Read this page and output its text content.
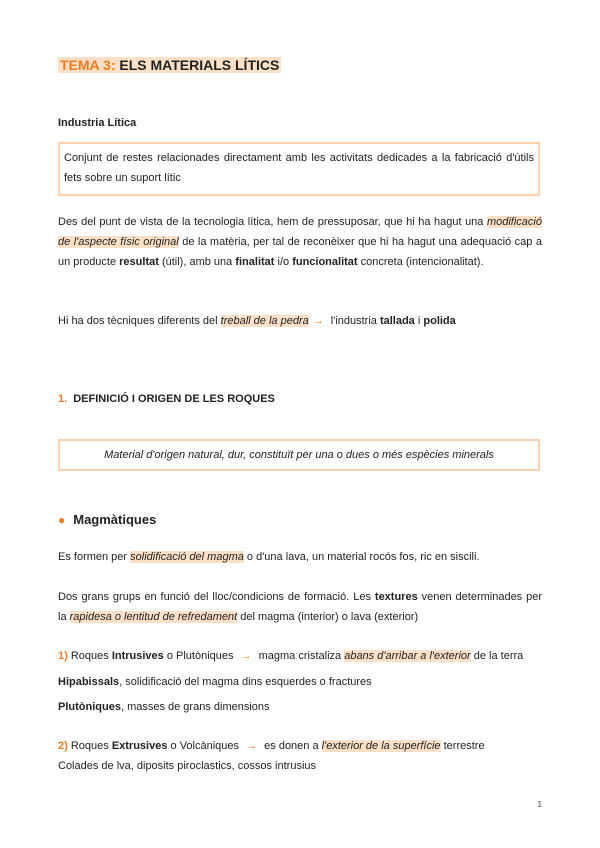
TEMA 3: ELS MATERIALS LÍTICS
Industria Lítica
Conjunt de restes relacionades directament amb les activitats dedicades a la fabricació d'útils fets sobre un suport lític
Des del punt de vista de la tecnologia lítica, hem de pressuposar, que hi ha hagut una modificació de l'aspecte físic original de la matèria, per tal de reconèixer que hi ha hagut una adequació cap a un producte resultat (útil), amb una finalitat i/o funcionalitat concreta (intencionalitat).
Hi ha dos tècniques diferents del treball de la pedra → l'industria tallada i polida
1. DEFINICIÓ I ORIGEN DE LES ROQUES
Material d'origen natural, dur, constituït per una o dues o més espècies minerals
● Magmàtiques
Es formen per solidificació del magma o d'una lava, un material rocós fos, ric en siscili.
Dos grans grups en funció del lloc/condicions de formació. Les textures venen determinades per la rapidesa o lentitud de refredament del magma (interior) o lava (exterior)
1) Roques Intrusives o Plutòniques → magma cristaliza abans d'arribar a l'exterior de la terra
Hipabissals, solidificació del magma dins esquerdes o fractures
Plutòniques, masses de grans dimensions
2) Roques Extrusives o Volcàniques → es donen a l'exterior de la superfície terrestre
Colades de lva, diposits piroclastics, cossos intrusius
1
